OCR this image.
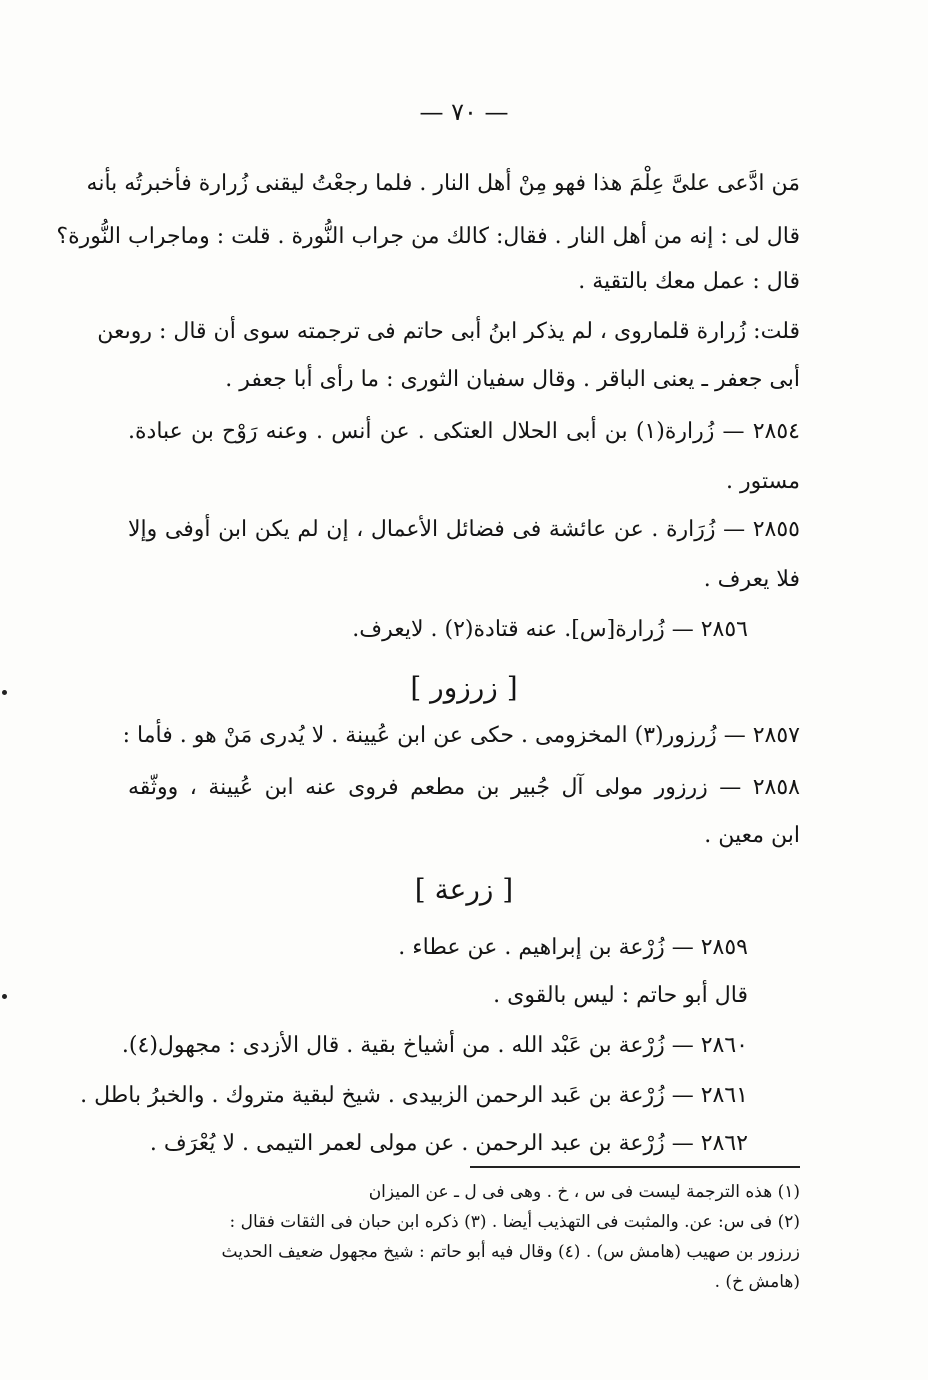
— ٧٠ —
مَن ادَّعى علىَّ عِلْمَ هذا فهو مِنْ أهل النار . فلما رجعْتُ ليقنى زُرارة فأخبرتُه بأنه
قال لى : إنه من أهل النار . فقال: كالك من جراب النُّورة . قلت : وماجراب النُّورة؟
قال : عمل معك بالتقية .
قلت: زُرارة قلماروى ، لم يذكر ابنُ أبى حاتم فى ترجمته سوى أن قال : روىعن
أبى جعفر ـ يعنى الباقر . وقال سفيان الثورى : ما رأى أبا جعفر .
٢٨٥٤ — زُرارة(١) بن أبى الحلال العتكى . عن أنس . وعنه رَوْح بن عبادة.
مستور .
٢٨٥٥ — زُرَارة . عن عائشة فى فضائل الأعمال ، إن لم يكن ابن أوفى وإلا
فلا يعرف .
٢٨٥٦ — زُرارة[س]. عنه قتادة(٢) . لايعرف.
[ زرزور ]
٢٨٥٧ — زُرزور(٣) المخزومى . حكى عن ابن عُيينة . لا يُدرى مَنْ هو . فأما :
٢٨٥٨ — زرزور مولى آل جُبير بن مطعم فروى عنه ابن عُيينة ، ووثّقه
ابن معين .
[ زرعة ]
٢٨٥٩ — زُرْعة بن إبراهيم . عن عطاء .
قال أبو حاتم : ليس بالقوى .
٢٨٦٠ — زُرْعة بن عَبْد الله . من أشياخ بقية . قال الأزدى : مجهول(٤).
٢٨٦١ — زُرْعة بن عَبد الرحمن الزبيدى . شيخ لبقية متروك . والخبرُ باطل .
٢٨٦٢ — زُرْعة بن عبد الرحمن . عن مولى لعمر التيمى . لا يُعْرَف .
(١) هذه الترجمة ليست فى س ، خ . وهى فى ل ـ عن الميزان
(٢) فى س: عن. والمثبت فى التهذيب أيضا . (٣) ذكره ابن حبان فى الثقات فقال :
زرزور بن صهيب (هامش س) . (٤) وقال فيه أبو حاتم : شيخ مجهول ضعيف الحديث
(هامش خ) .
